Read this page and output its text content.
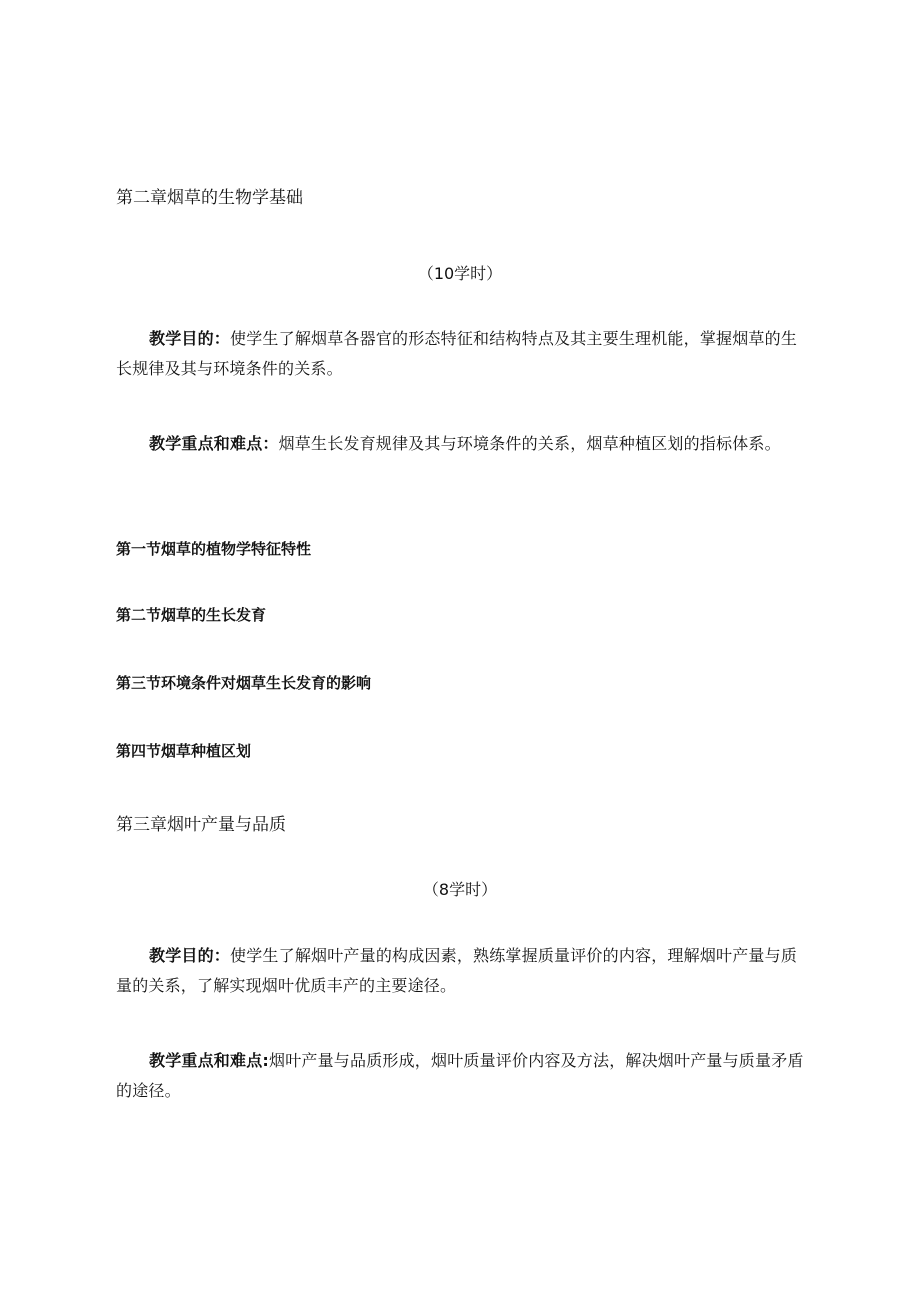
第二章烟草的生物学基础
（10学时）
教学目的：使学生了解烟草各器官的形态特征和结构特点及其主要生理机能，掌握烟草的生长规律及其与环境条件的关系。
教学重点和难点：烟草生长发育规律及其与环境条件的关系，烟草种植区划的指标体系。
第一节烟草的植物学特征特性
第二节烟草的生长发育
第三节环境条件对烟草生长发育的影响
第四节烟草种植区划
第三章烟叶产量与品质
（8学时）
教学目的：使学生了解烟叶产量的构成因素，熟练掌握质量评价的内容，理解烟叶产量与质量的关系，了解实现烟叶优质丰产的主要途径。
教学重点和难点:烟叶产量与品质形成，烟叶质量评价内容及方法，解决烟叶产量与质量矛盾的途径。
